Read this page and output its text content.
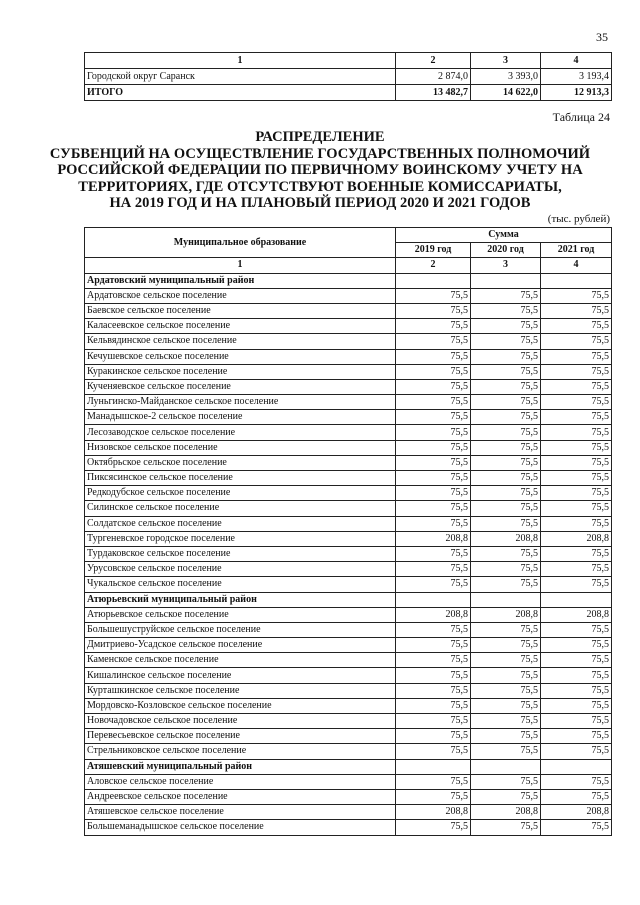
35
1	2	3	4
Городской округ Саранск	2 874,0	3 393,0	3 193,4
ИТОГО	13 482,7	14 622,0	12 913,3
Таблица 24
РАСПРЕДЕЛЕНИЕ
СУБВЕНЦИЙ НА ОСУЩЕСТВЛЕНИЕ ГОСУДАРСТВЕННЫХ ПОЛНОМОЧИЙ
РОССИЙСКОЙ ФЕДЕРАЦИИ ПО ПЕРВИЧНОМУ ВОИНСКОМУ УЧЕТУ НА
ТЕРРИТОРИЯХ, ГДЕ ОТСУТСТВУЮТ ВОЕННЫЕ КОМИССАРИАТЫ,
НА 2019 ГОД И НА ПЛАНОВЫЙ ПЕРИОД 2020 И 2021 ГОДОВ
(тыс. рублей)
Муниципальное образование	Сумма		
	2019 год	2020 год	2021 год
1	2	3	4
Ардатовский муниципальный район			
Ардатовское сельское поселение	75,5	75,5	75,5
Баевское сельское поселение	75,5	75,5	75,5
Каласеевское сельское поселение	75,5	75,5	75,5
Кельвядинское сельское поселение	75,5	75,5	75,5
Кечушевское сельское поселение	75,5	75,5	75,5
Куракинское сельское поселение	75,5	75,5	75,5
Кученяевское сельское поселение	75,5	75,5	75,5
Луньгинско-Майданское сельское поселение	75,5	75,5	75,5
Манадышское-2 сельское поселение	75,5	75,5	75,5
Лесозаводское сельское поселение	75,5	75,5	75,5
Низовское сельское поселение	75,5	75,5	75,5
Октябрьское сельское поселение	75,5	75,5	75,5
Пиксясинское сельское поселение	75,5	75,5	75,5
Редкодубское сельское поселение	75,5	75,5	75,5
Силинское сельское поселение	75,5	75,5	75,5
Солдатское сельское поселение	75,5	75,5	75,5
Тургеневское городское поселение	208,8	208,8	208,8
Турдаковское сельское поселение	75,5	75,5	75,5
Урусовское сельское поселение	75,5	75,5	75,5
Чукальское сельское поселение	75,5	75,5	75,5
Атюрьевский муниципальный район			
Атюрьевское сельское поселение	208,8	208,8	208,8
Большешуструйское сельское поселение	75,5	75,5	75,5
Дмитриево-Усадское сельское поселение	75,5	75,5	75,5
Каменское сельское поселение	75,5	75,5	75,5
Кишалинское сельское поселение	75,5	75,5	75,5
Курташкинское сельское поселение	75,5	75,5	75,5
Мордовско-Козловское сельское поселение	75,5	75,5	75,5
Новочадовское сельское поселение	75,5	75,5	75,5
Перевесьевское сельское поселение	75,5	75,5	75,5
Стрельниковское сельское поселение	75,5	75,5	75,5
Атяшевский муниципальный район			
Аловское сельское поселение	75,5	75,5	75,5
Андреевское сельское поселение	75,5	75,5	75,5
Атяшевское сельское поселение	208,8	208,8	208,8
Большеманадышское сельское поселение	75,5	75,5	75,5
